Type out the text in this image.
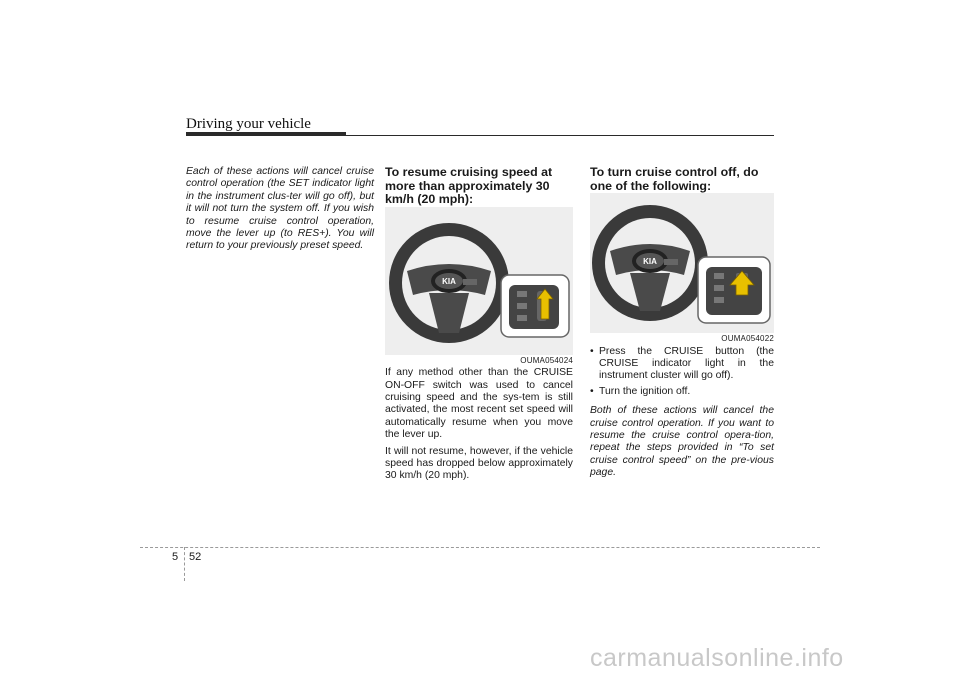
Driving your vehicle

Each of these actions will cancel cruise control operation (the SET indicator light in the instrument clus-ter will go off), but it will not turn the system off. If you wish to resume cruise control operation, move the lever up (to RES+). You will return to your previously preset speed.

To resume cruising speed at more than approximately 30 km/h (20 mph):

KIA

OUMA054024

If any method other than the CRUISE ON-OFF switch was used to cancel cruising speed and the sys-tem is still activated, the most recent set speed will automatically resume when you move the lever up.

It will not resume, however, if the vehicle speed has dropped below approximately 30 km/h (20 mph).

To turn cruise control off, do one of the following:

KIA

OUMA054022

• Press the CRUISE button (the CRUISE indicator light in the instrument cluster will go off).
• Turn the ignition off.

Both of these actions will cancel the cruise control operation. If you want to resume the cruise control opera-tion, repeat the steps provided in “To set cruise control speed” on the pre-vious page.

5 52
carmanualsonline.info
